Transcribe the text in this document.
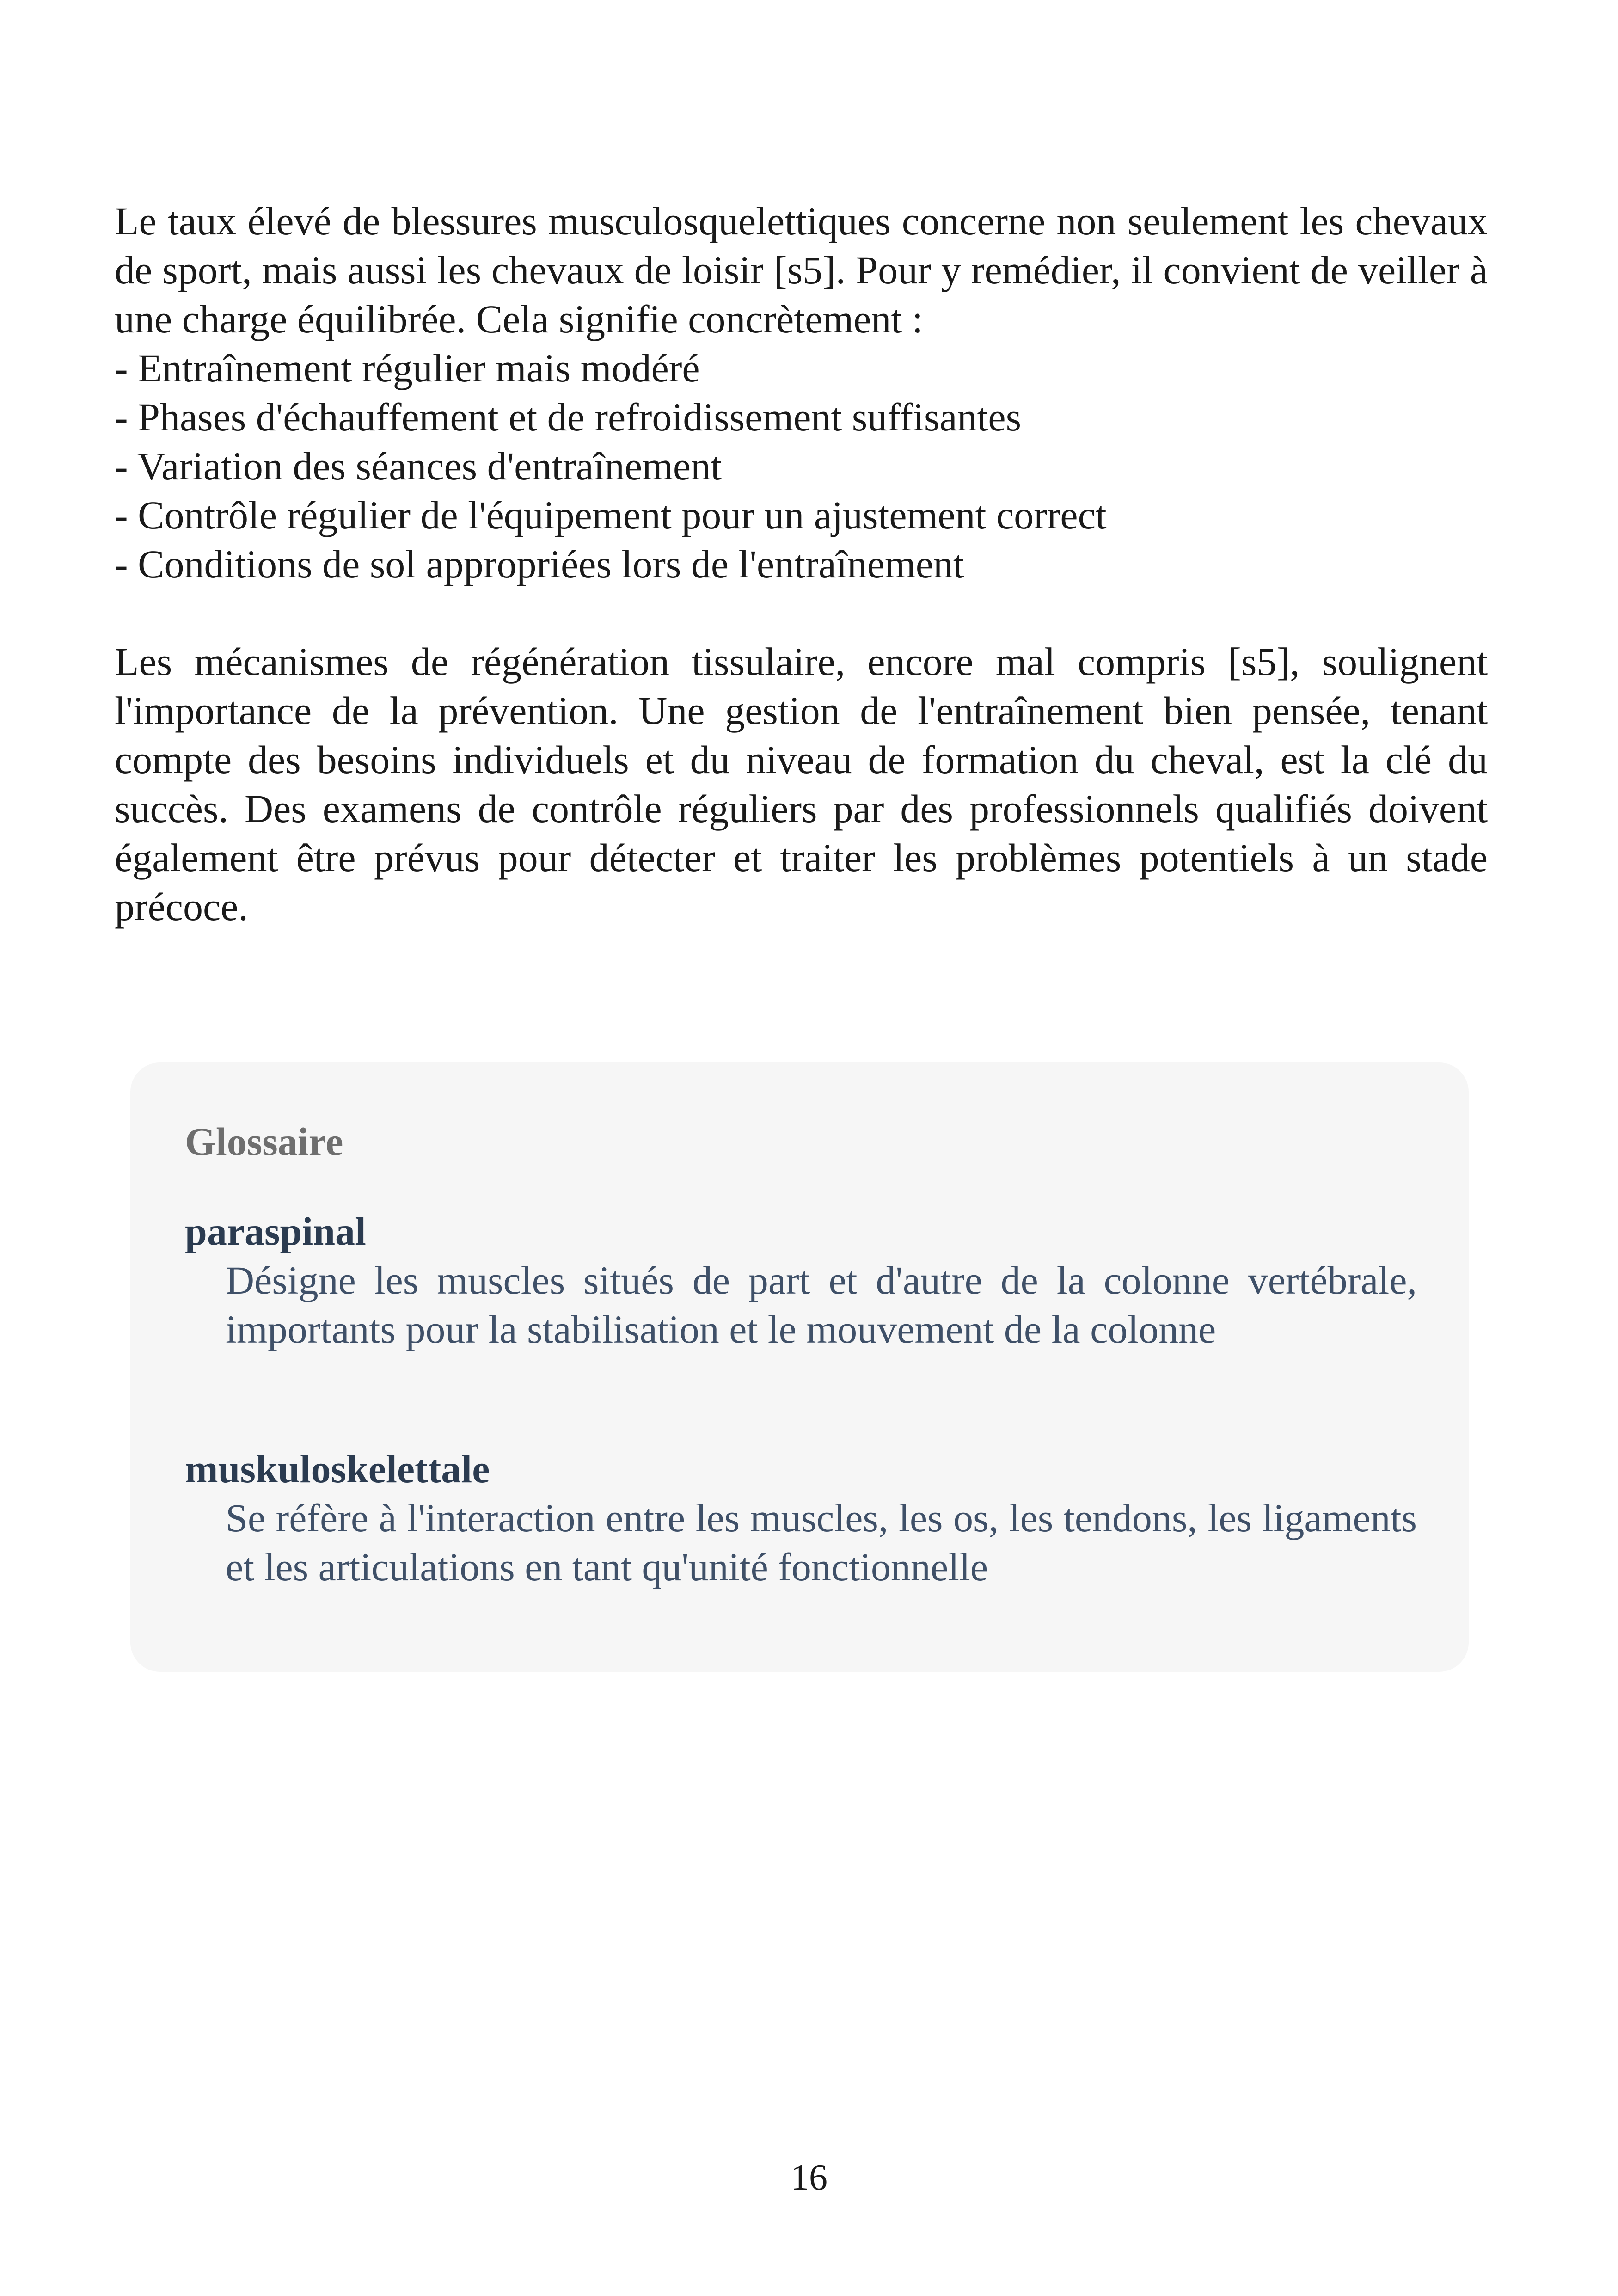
Le taux élevé de blessures musculosquelettiques concerne non seulement les chevaux de sport, mais aussi les chevaux de loisir [s5]. Pour y remédier, il convient de veiller à une charge équilibrée. Cela signifie concrètement :

- Entraînement régulier mais modéré
- Phases d'échauffement et de refroidissement suffisantes
- Variation des séances d'entraînement
- Contrôle régulier de l'équipement pour un ajustement correct
- Conditions de sol appropriées lors de l'entraînement

Les mécanismes de régénération tissulaire, encore mal compris [s5], soulignent l'importance de la prévention. Une gestion de l'entraînement bien pensée, tenant compte des besoins individuels et du niveau de formation du cheval, est la clé du succès. Des examens de contrôle réguliers par des professionnels qualifiés doivent également être prévus pour détecter et traiter les problèmes potentiels à un stade précoce.

Glossaire
paraspinal

Désigne les muscles situés de part et d'autre de la colonne vertébrale, importants pour la stabilisation et le mouvement de la colonne

muskuloskelettale

Se réfère à l'interaction entre les muscles, les os, les tendons, les ligaments et les articulations en tant qu'unité fonctionnelle

16
